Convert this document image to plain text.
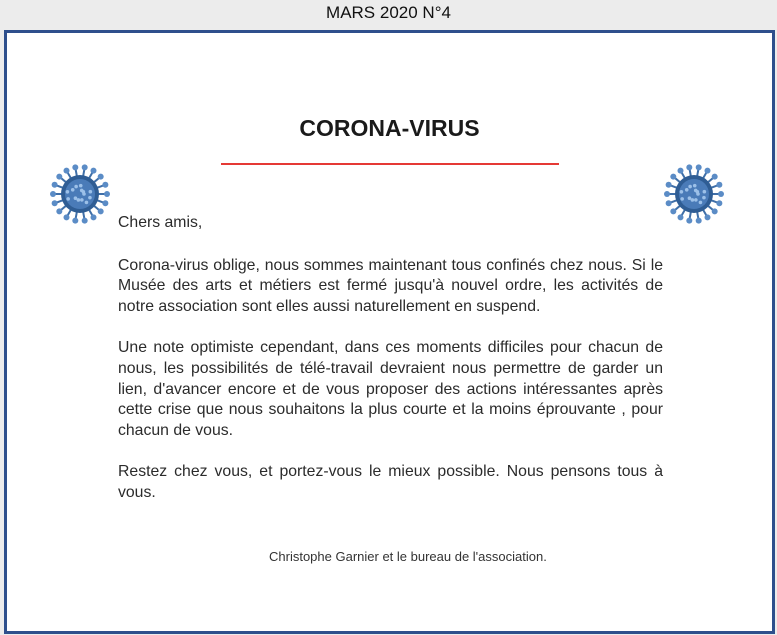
MARS 2020 N°4
CORONA-VIRUS

Chers amis,

Corona-virus oblige, nous sommes maintenant tous confinés chez nous. Si le Musée des arts et métiers est fermé jusqu'à nouvel ordre, les activités de notre association sont elles aussi naturellement en suspend.

Une note optimiste cependant, dans ces moments difficiles pour chacun de nous, les possibilités de télé-travail devraient nous permettre de garder un lien, d'avancer encore et de vous proposer des actions intéressantes après cette crise que nous souhaitons la plus courte et la moins éprouvante , pour chacun de vous.

Restez chez vous, et portez-vous le mieux possible. Nous pensons tous à vous.

Christophe Garnier et le bureau de l'association.
